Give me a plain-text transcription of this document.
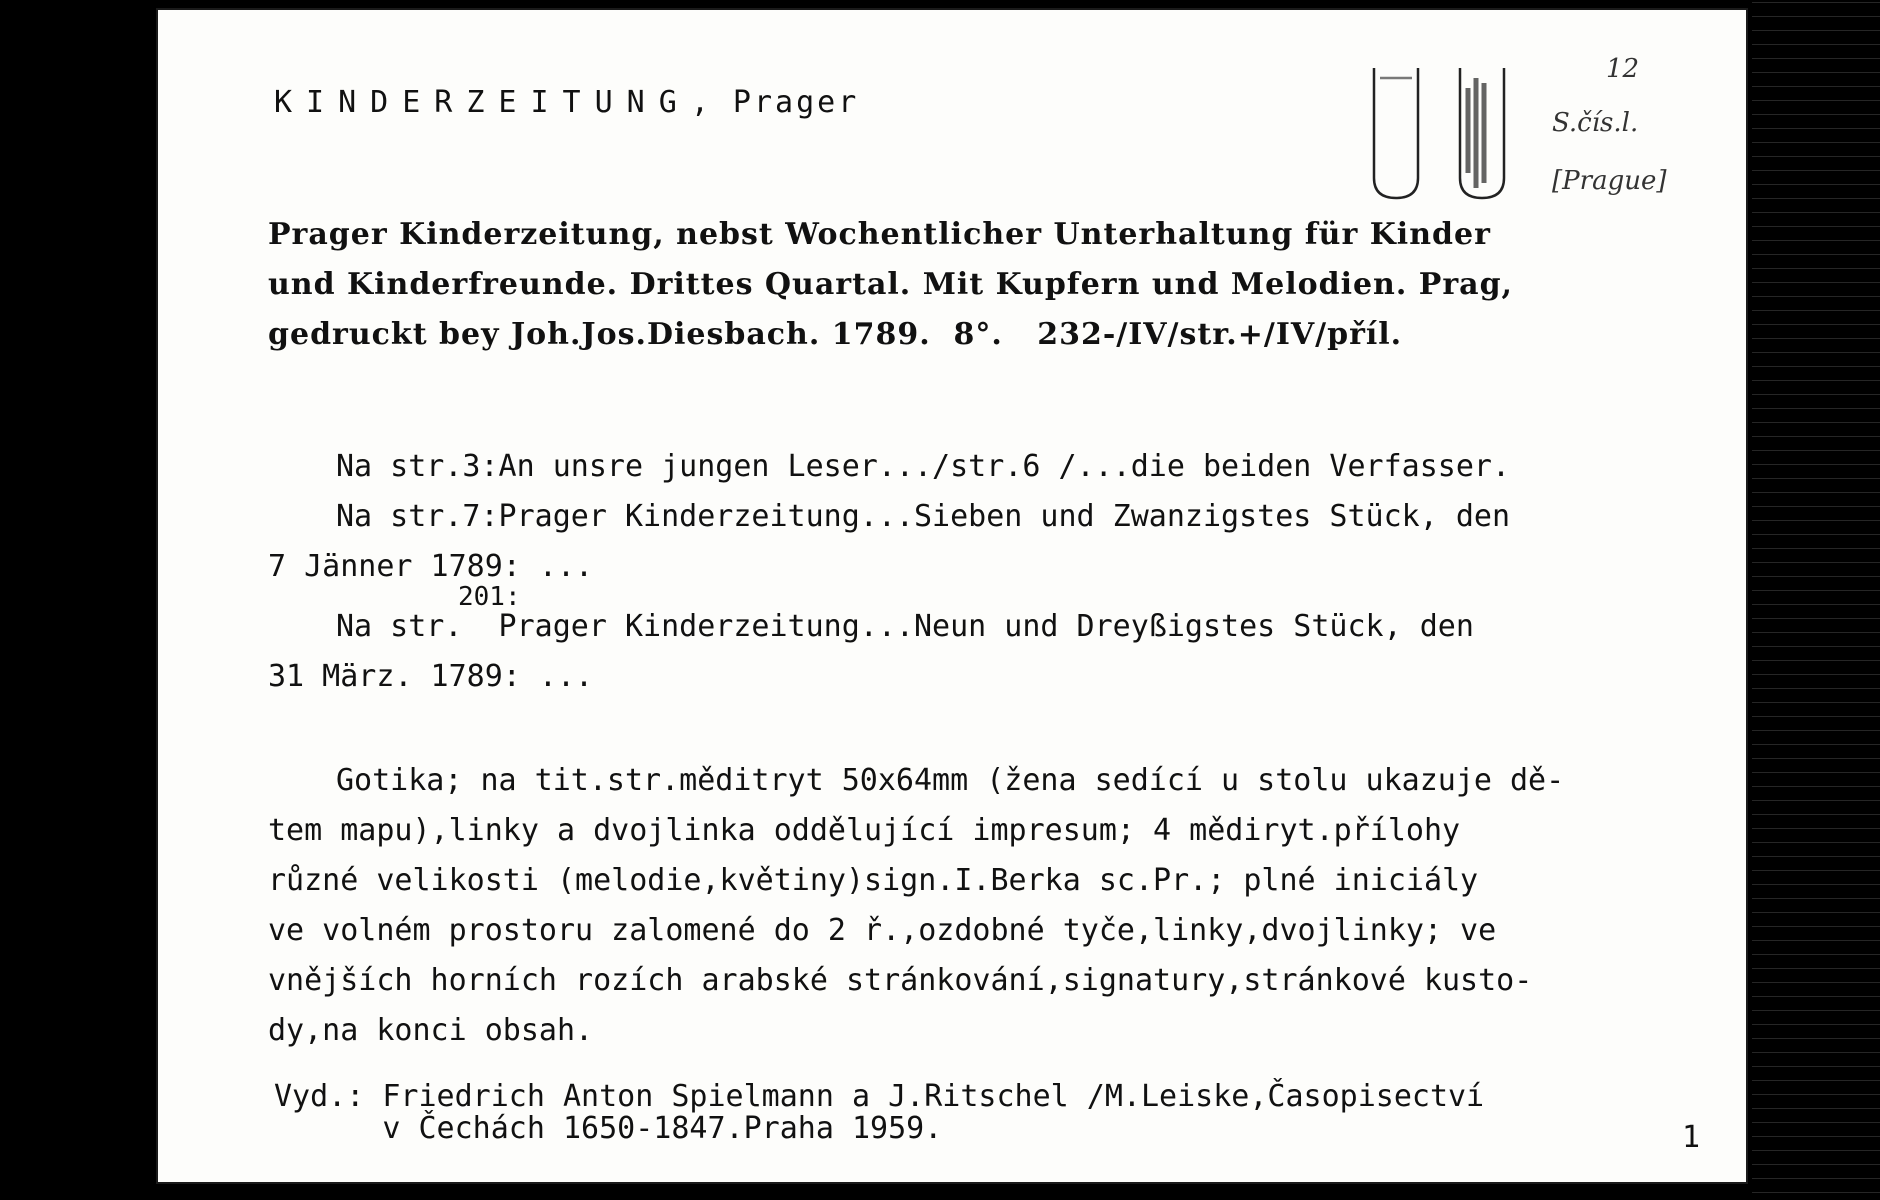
KINDERZEITUNG, Prager
12
S.čís.l.
[Prague]
Prager Kinderzeitung, nebst Wochentlicher Unterhaltung für Kinder
und Kinderfreunde. Drittes Quartal. Mit Kupfern und Melodien. Prag,
gedruckt bey Joh.Jos.Diesbach. 1789.  8°.   232-/IV/str.+/IV/příl.
Na str.3:An unsre jungen Leser.../str.6 /...die beiden Verfasser.
Na str.7:Prager Kinderzeitung...Sieben und Zwanzigstes Stück, den
7 Jänner 1789: ...
201:
Na str.  Prager Kinderzeitung...Neun und Dreyßigstes Stück, den
31 März. 1789: ...
Gotika; na tit.str.měditryt 50x64mm (žena sedící u stolu ukazuje dě-
tem mapu),linky a dvojlinka oddělující impresum; 4 mědiryt.přílohy
různé velikosti (melodie,květiny)sign.I.Berka sc.Pr.; plné iniciály
ve volném prostoru zalomené do 2 ř.,ozdobné tyče,linky,dvojlinky; ve
vnějších horních rozích arabské stránkování,signatury,stránkové kusto-
dy,na konci obsah.
Vyd.: Friedrich Anton Spielmann a J.Ritschel /M.Leiske,Časopisectví
v Čechách 1650-1847.Praha 1959.	1
